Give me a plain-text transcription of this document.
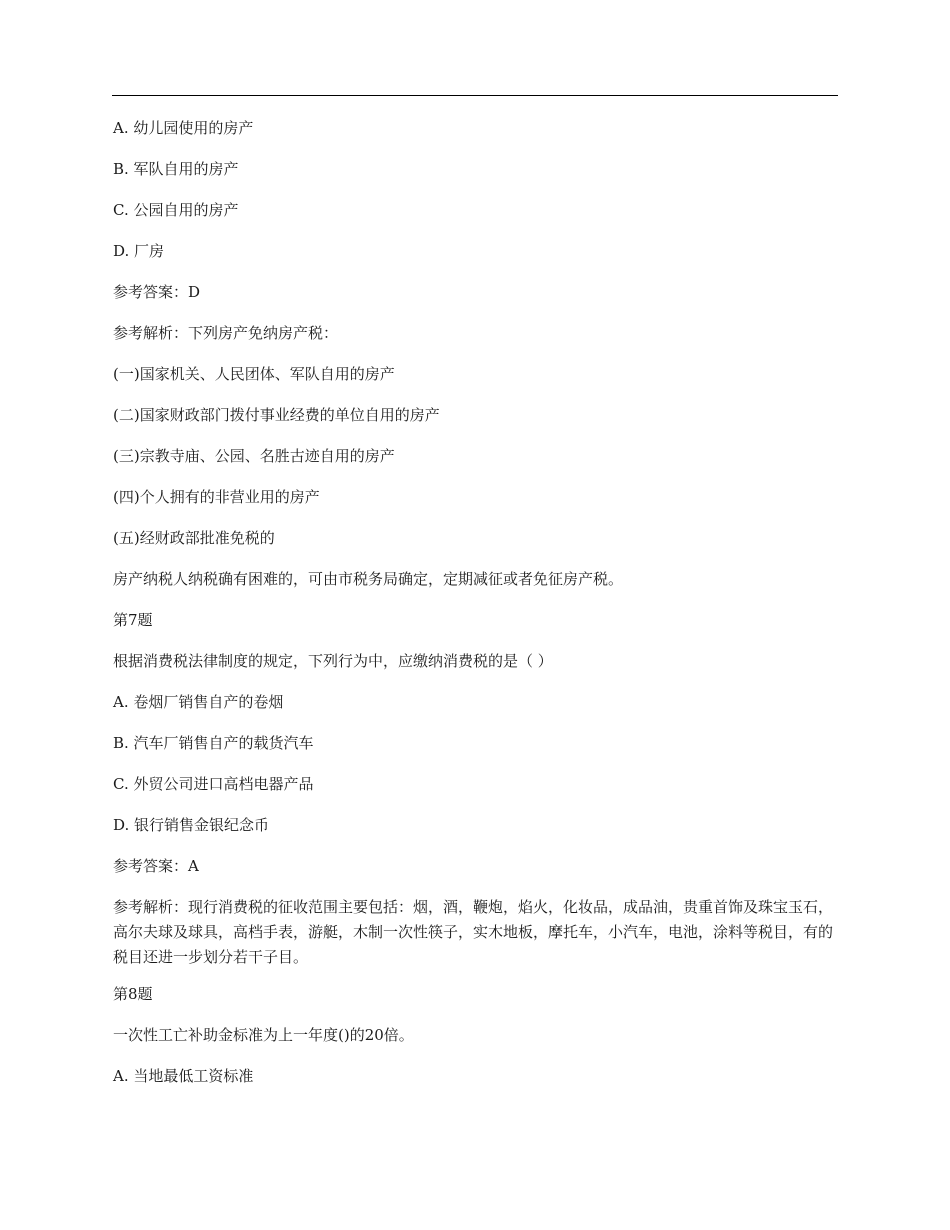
A. 幼儿园使用的房产
B. 军队自用的房产
C. 公园自用的房产
D. 厂房
参考答案：D
参考解析：下列房产免纳房产税：
(一)国家机关、人民团体、军队自用的房产
(二)国家财政部门拨付事业经费的单位自用的房产
(三)宗教寺庙、公园、名胜古迹自用的房产
(四)个人拥有的非营业用的房产
(五)经财政部批准免税的
房产纳税人纳税确有困难的，可由市税务局确定，定期减征或者免征房产税。
第7题
根据消费税法律制度的规定，下列行为中，应缴纳消费税的是（ ）
A. 卷烟厂销售自产的卷烟
B. 汽车厂销售自产的载货汽车
C. 外贸公司进口高档电器产品
D. 银行销售金银纪念币
参考答案：A
参考解析：现行消费税的征收范围主要包括：烟，酒，鞭炮，焰火，化妆品，成品油，贵重首饰及珠宝玉石，高尔夫球及球具，高档手表，游艇，木制一次性筷子，实木地板，摩托车，小汽车，电池，涂料等税目，有的税目还进一步划分若干子目。
第8题
一次性工亡补助金标准为上一年度()的20倍。
A. 当地最低工资标准
